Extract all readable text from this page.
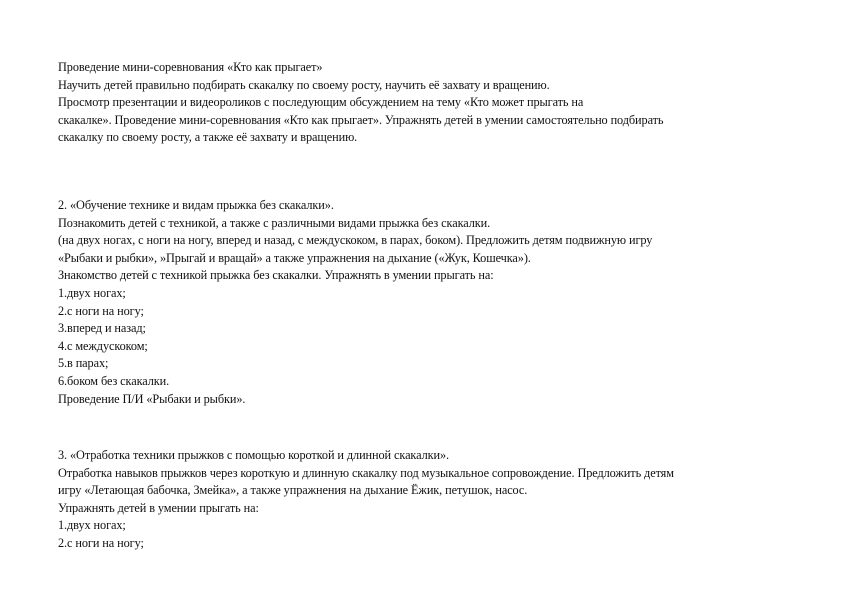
Проведение мини-соревнования «Кто как прыгает»
Научить детей правильно подбирать скакалку по своему росту, научить её захвату и вращению.
Просмотр презентации и видеороликов с последующим обсуждением на тему «Кто может прыгать на
скакалке». Проведение мини-соревнования «Кто как прыгает». Упражнять детей в умении самостоятельно подбирать
скакалку по своему росту, а также её захвату и вращению.
2. «Обучение технике и видам прыжка без скакалки».
Познакомить детей с техникой, а также с различными видами прыжка без скакалки.
(на двух ногах, с ноги на ногу, вперед и назад, с междускоком, в парах, боком). Предложить детям подвижную игру
«Рыбаки и рыбки», »Прыгай и вращай» а также упражнения на дыхание («Жук, Кошечка»).
Знакомство детей с техникой прыжка без скакалки. Упражнять в умении прыгать на:
1.двух ногах;
2.с ноги на ногу;
3.вперед и назад;
4.с междускоком;
5.в парах;
6.боком без скакалки.
Проведение П/И «Рыбаки и рыбки».
3. «Отработка техники прыжков с помощью короткой и длинной скакалки».
Отработка навыков прыжков через короткую и длинную скакалку под музыкальное сопровождение. Предложить детям
игру «Летающая бабочка, Змейка», а также упражнения на дыхание Ёжик, петушок, насос.
Упражнять детей в умении прыгать на:
1.двух ногах;
2.с ноги на ногу;
